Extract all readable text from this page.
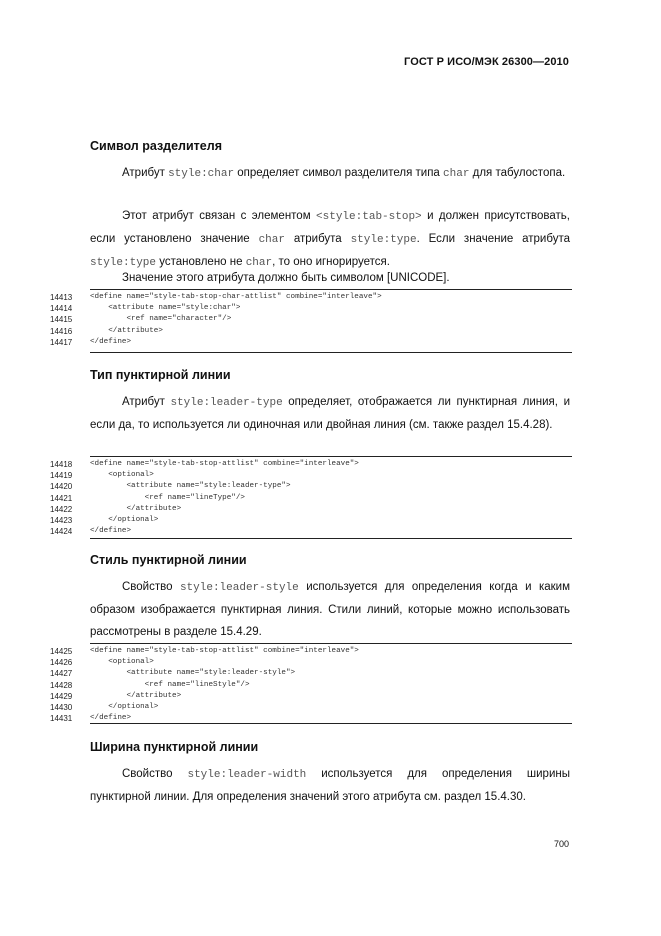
ГОСТ Р ИСО/МЭК 26300—2010
Символ разделителя
Атрибут style:char определяет символ разделителя типа char для табулостопа.
Этот атрибут связан с элементом <style:tab-stop> и должен присутствовать, если установлено значение char атрибута style:type. Если значение атрибута style:type установлено не char, то оно игнорируется.
Значение этого атрибута должно быть символом [UNICODE].
14413	<define name="style-tab-stop-char-attlist" combine="interleave">
14414	<attribute name="style:char">
14415	<ref name="character"/>
14416	</attribute>
14417	</define>
Тип пунктирной линии
Атрибут style:leader-type определяет, отображается ли пунктирная линия, и если да, то используется ли одиночная или двойная линия (см. также раздел 15.4.28).
14418	<define name="style-tab-stop-attlist" combine="interleave">
14419	<optional>
14420	<attribute name="style:leader-type">
14421	<ref name="lineType"/>
14422	</attribute>
14423	</optional>
14424	</define>
Стиль пунктирной линии
Свойство style:leader-style используется для определения когда и каким образом изображается пунктирная линия. Стили линий, которые можно использовать рассмотрены в разделе 15.4.29.
14425	<define name="style-tab-stop-attlist" combine="interleave">
14426	<optional>
14427	<attribute name="style:leader-style">
14428	<ref name="lineStyle"/>
14429	</attribute>
14430	</optional>
14431	</define>
Ширина пунктирной линии
Свойство style:leader-width используется для определения ширины пунктирной линии. Для определения значений этого атрибута см. раздел 15.4.30.
700
